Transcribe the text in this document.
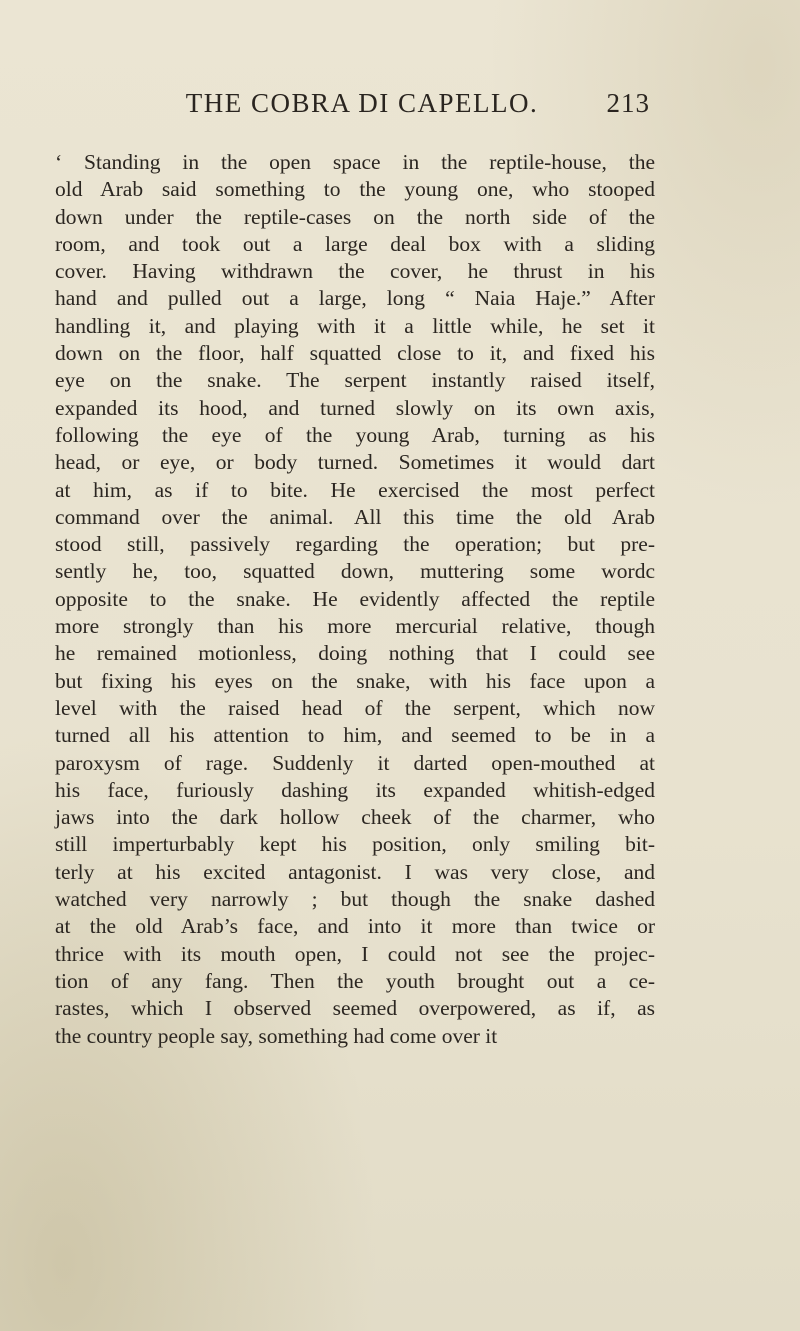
THE COBRA DI CAPELLO.	213
‘ Standing in the open space in the reptile-house, the
old Arab said something to the young one, who stooped
down under the reptile-cases on the north side of the
room, and took out a large deal box with a sliding
cover. Having withdrawn the cover, he thrust in his
hand and pulled out a large, long “ Naia Haje.” After
handling it, and playing with it a little while, he set it
down on the floor, half squatted close to it, and fixed his
eye on the snake. The serpent instantly raised itself,
expanded its hood, and turned slowly on its own axis,
following the eye of the young Arab, turning as his
head, or eye, or body turned. Sometimes it would dart
at him, as if to bite. He exercised the most perfect
command over the animal. All this time the old Arab
stood still, passively regarding the operation; but pre-
sently he, too, squatted down, muttering some wordc
opposite to the snake. He evidently affected the reptile
more strongly than his more mercurial relative, though
he remained motionless, doing nothing that I could see
but fixing his eyes on the snake, with his face upon a
level with the raised head of the serpent, which now
turned all his attention to him, and seemed to be in a
paroxysm of rage. Suddenly it darted open-mouthed at
his face, furiously dashing its expanded whitish-edged
jaws into the dark hollow cheek of the charmer, who
still imperturbably kept his position, only smiling bit-
terly at his excited antagonist. I was very close, and
watched very narrowly ; but though the snake dashed
at the old Arab’s face, and into it more than twice or
thrice with its mouth open, I could not see the projec-
tion of any fang. Then the youth brought out a ce-
rastes, which I observed seemed overpowered, as if, as
the country people say, something had come over it
